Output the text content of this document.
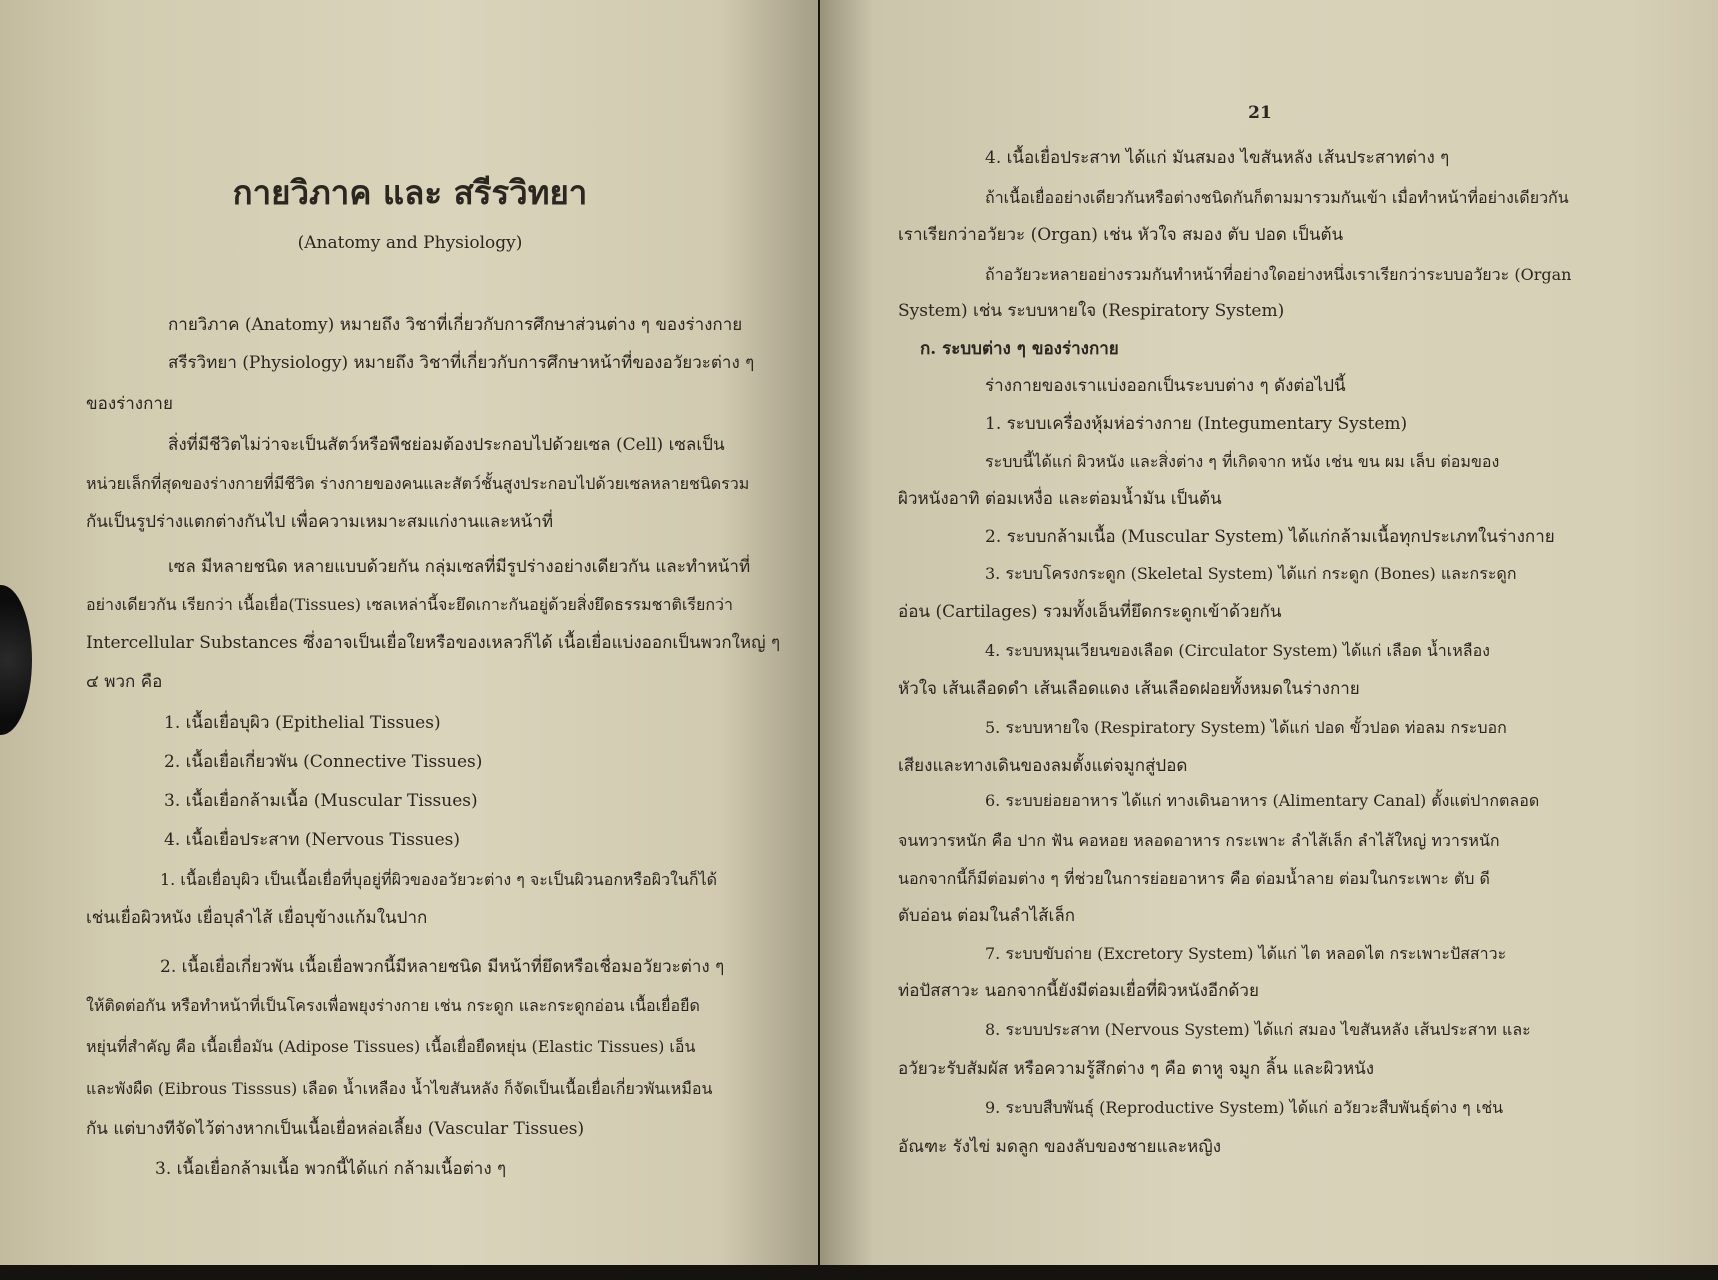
กายวิภาค และ สรีรวิทยา
(Anatomy and Physiology)
กายวิภาค (Anatomy) หมายถึง วิชาที่เกี่ยวกับการศึกษาส่วนต่าง ๆ ของร่างกาย
สรีรวิทยา (Physiology) หมายถึง วิชาที่เกี่ยวกับการศึกษาหน้าที่ของอวัยวะต่าง ๆ
ของร่างกาย
สิ่งที่มีชีวิตไม่ว่าจะเป็นสัตว์หรือพืชย่อมต้องประกอบไปด้วยเซล (Cell) เซลเป็น
หน่วยเล็กที่สุดของร่างกายที่มีชีวิต ร่างกายของคนและสัตว์ชั้นสูงประกอบไปด้วยเซลหลายชนิดรวม
กันเป็นรูปร่างแตกต่างกันไป เพื่อความเหมาะสมแก่งานและหน้าที่
เซล มีหลายชนิด หลายแบบด้วยกัน กลุ่มเซลที่มีรูปร่างอย่างเดียวกัน และทำหน้าที่
อย่างเดียวกัน เรียกว่า เนื้อเยื่อ(Tissues) เซลเหล่านี้จะยึดเกาะกันอยู่ด้วยสิ่งยึดธรรมชาติเรียกว่า
Intercellular Substances ซึ่งอาจเป็นเยื่อใยหรือของเหลวก็ได้ เนื้อเยื่อแบ่งออกเป็นพวกใหญ่ ๆ
๔ พวก คือ
1. เนื้อเยื่อบุผิว (Epithelial Tissues)
2. เนื้อเยื่อเกี่ยวพัน (Connective Tissues)
3. เนื้อเยื่อกล้ามเนื้อ (Muscular Tissues)
4. เนื้อเยื่อประสาท (Nervous Tissues)
1. เนื้อเยื่อบุผิว เป็นเนื้อเยื่อที่บุอยู่ที่ผิวของอวัยวะต่าง ๆ จะเป็นผิวนอกหรือผิวในก็ได้
เช่นเยื่อผิวหนัง เยื่อบุลำไส้ เยื่อบุข้างแก้มในปาก
2. เนื้อเยื่อเกี่ยวพัน เนื้อเยื่อพวกนี้มีหลายชนิด มีหน้าที่ยึดหรือเชื่อมอวัยวะต่าง ๆ
ให้ติดต่อกัน หรือทำหน้าที่เป็นโครงเพื่อพยุงร่างกาย เช่น กระดูก และกระดูกอ่อน เนื้อเยื่อยืด
หยุ่นที่สำคัญ คือ เนื้อเยื่อมัน (Adipose Tissues) เนื้อเยื่อยืดหยุ่น (Elastic Tissues) เอ็น
และพังผืด (Eibrous Tisssus) เลือด น้ำเหลือง น้ำไขสันหลัง ก็จัดเป็นเนื้อเยื่อเกี่ยวพันเหมือน
กัน แต่บางทีจัดไว้ต่างหากเป็นเนื้อเยื่อหล่อเลี้ยง (Vascular Tissues)
3. เนื้อเยื่อกล้ามเนื้อ พวกนี้ได้แก่ กล้ามเนื้อต่าง ๆ
21
4. เนื้อเยื่อประสาท ได้แก่ มันสมอง ไขสันหลัง เส้นประสาทต่าง ๆ
ถ้าเนื้อเยื่ออย่างเดียวกันหรือต่างชนิดกันก็ตามมารวมกันเข้า เมื่อทำหน้าที่อย่างเดียวกัน
เราเรียกว่าอวัยวะ (Organ) เช่น หัวใจ สมอง ตับ ปอด เป็นต้น
ถ้าอวัยวะหลายอย่างรวมกันทำหน้าที่อย่างใดอย่างหนึ่งเราเรียกว่าระบบอวัยวะ (Organ
System) เช่น ระบบหายใจ (Respiratory System)
ก. ระบบต่าง ๆ ของร่างกาย
ร่างกายของเราแบ่งออกเป็นระบบต่าง ๆ ดังต่อไปนี้
1. ระบบเครื่องหุ้มห่อร่างกาย (Integumentary System)
ระบบนี้ได้แก่ ผิวหนัง และสิ่งต่าง ๆ ที่เกิดจาก หนัง เช่น ขน ผม เล็บ ต่อมของ
ผิวหนังอาทิ ต่อมเหงื่อ และต่อมน้ำมัน เป็นต้น
2. ระบบกล้ามเนื้อ (Muscular System) ได้แก่กล้ามเนื้อทุกประเภทในร่างกาย
3. ระบบโครงกระดูก (Skeletal System) ได้แก่ กระดูก (Bones) และกระดูก
อ่อน (Cartilages) รวมทั้งเอ็นที่ยึดกระดูกเข้าด้วยกัน
4. ระบบหมุนเวียนของเลือด (Circulator System) ได้แก่ เลือด น้ำเหลือง
หัวใจ เส้นเลือดดำ เส้นเลือดแดง เส้นเลือดฝอยทั้งหมดในร่างกาย
5. ระบบหายใจ (Respiratory System) ได้แก่ ปอด ขั้วปอด ท่อลม กระบอก
เสียงและทางเดินของลมตั้งแต่จมูกสู่ปอด
6. ระบบย่อยอาหาร ได้แก่ ทางเดินอาหาร (Alimentary Canal) ตั้งแต่ปากตลอด
จนทวารหนัก คือ ปาก ฟัน คอหอย หลอดอาหาร กระเพาะ ลำไส้เล็ก ลำไส้ใหญ่ ทวารหนัก
นอกจากนี้ก็มีต่อมต่าง ๆ ที่ช่วยในการย่อยอาหาร คือ ต่อมน้ำลาย ต่อมในกระเพาะ ตับ ดี
ตับอ่อน ต่อมในลำไส้เล็ก
7. ระบบขับถ่าย (Excretory System) ได้แก่ ไต หลอดไต กระเพาะปัสสาวะ
ท่อปัสสาวะ นอกจากนี้ยังมีต่อมเยื่อที่ผิวหนังอีกด้วย
8. ระบบประสาท (Nervous System) ได้แก่ สมอง ไขสันหลัง เส้นประสาท และ
อวัยวะรับสัมผัส หรือความรู้สึกต่าง ๆ คือ ตาหู จมูก ลิ้น และผิวหนัง
9. ระบบสืบพันธุ์ (Reproductive System) ได้แก่ อวัยวะสืบพันธุ์ต่าง ๆ เช่น
อัณฑะ รังไข่ มดลูก ของลับของชายและหญิง
